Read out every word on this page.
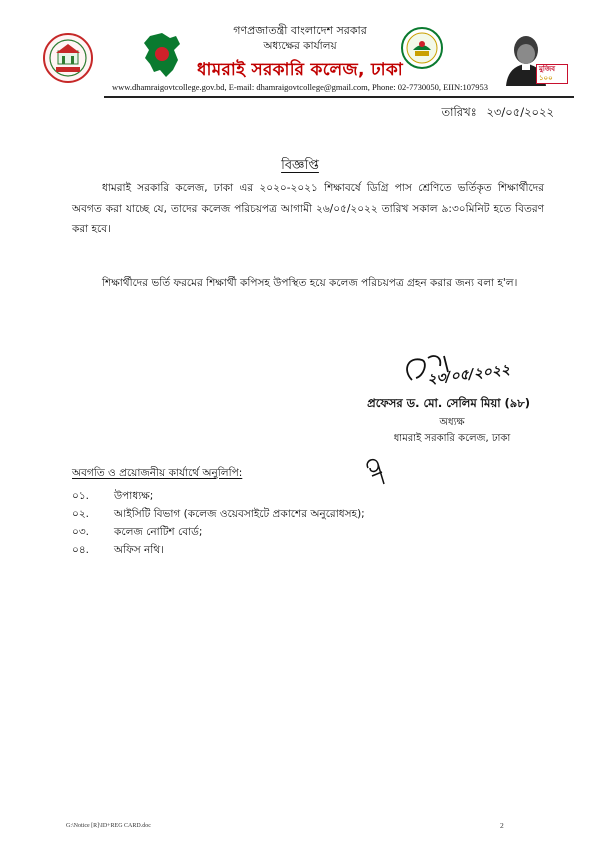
মুজিব ১০০
গণপ্রজাতন্ত্রী বাংলাদেশ সরকার
অধ্যক্ষের কার্যালয়
ধামরাই সরকারি কলেজ, ঢাকা
www.dhamraigovtcollege.gov.bd, E-mail: dhamraigovtcollege@gmail.com, Phone: 02-7730050, EIIN:107953
তারিখঃ ২৩/০৫/২০২২
বিজ্ঞপ্তি
ধামরাই সরকারি কলেজ, ঢাকা এর ২০২০-২০২১ শিক্ষাবর্ষে ডিগ্রি পাস শ্রেণিতে ভর্তিকৃত শিক্ষার্থীদের অবগত করা যাচ্ছে যে, তাদের কলেজ পরিচয়পত্র আগামী ২৬/০৫/২০২২ তারিখ সকাল ৯:৩০মিনিট হতে বিতরণ করা হবে।
শিক্ষার্থীদের ভর্তি ফরমের শিক্ষার্থী কপিসহ উপস্থিত হয়ে কলেজ পরিচয়পত্র গ্রহন করার জন্য বলা হ'ল।
২৩/০৫/২০২২
প্রফেসর ড. মো. সেলিম মিয়া (৯৮)
অধ্যক্ষ
ধামরাই সরকারি কলেজ, ঢাকা
অবগতি ও প্রয়োজনীয় কার্যার্থে অনুলিপি:
০১.	উপাধ্যক্ষ;
০২.	আইসিটি বিভাগ (কলেজ ওয়েবসাইটে প্রকাশের অনুরোধসহ);
০৩.	কলেজ নোটিশ বোর্ড;
০৪.	অফিস নথি।
G:\Notice [R]\ID+REG CARD.doc	2
